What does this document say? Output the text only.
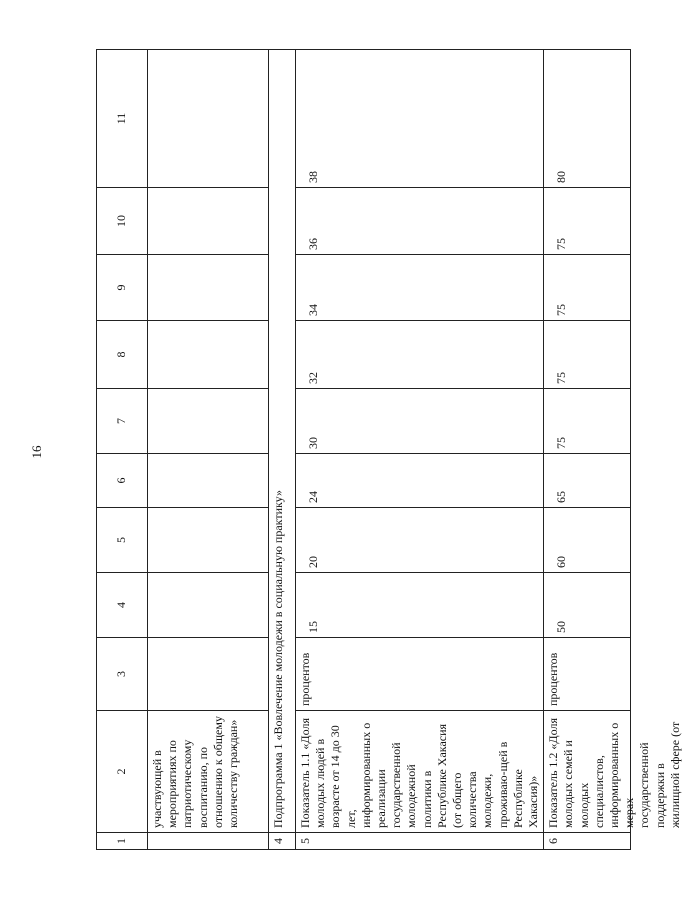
16
1	2	3	4	5	6	7	8	9	10	11

	участвующей в мероприятиях по патриотическому воспитанию, по отношению к общему количеству граждан»									

4	Подпрограмма 1 «Вовлечение молодежи в социальную практику»									
5	Показатель 1.1 «Доля молодых людей в возрасте от 14 до 30 лет, информированных о реализации государственной молодежной политики в Республике Хакасия (от общего количества молодежи, проживаю-щей в Республике Хакасия)»	процентов	15	20	24	30	32	34	36	38
6	Показатель 1.2 «Доля молодых семей и молодых специалистов, информированных о мерах государственной поддержки в жилищной сфере (от	процентов	50	60	65	75	75	75	75	80
